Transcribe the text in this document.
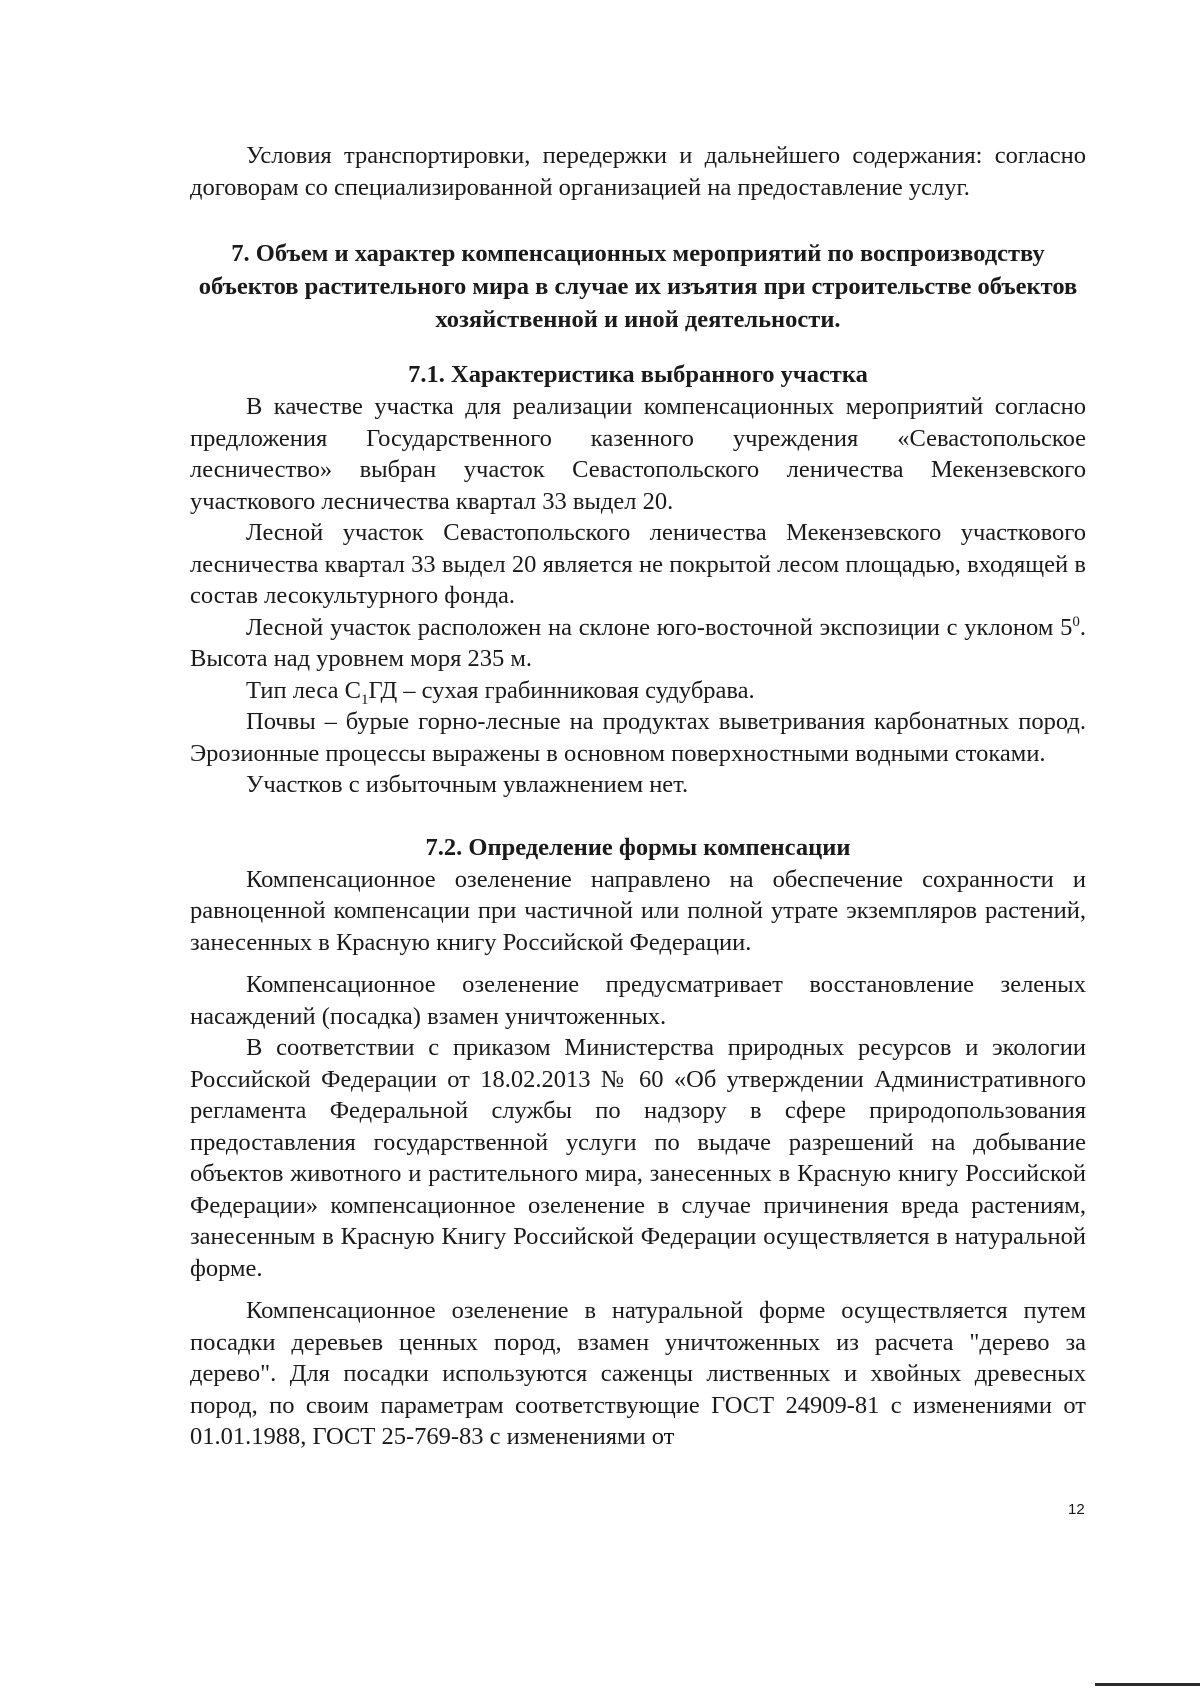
Условия транспортировки, передержки и дальнейшего содержания: согласно договорам со специализированной организацией на предоставление услуг.

7. Объем и характер компенсационных мероприятий по воспроизводству объектов растительного мира в случае их изъятия при строительстве объектов хозяйственной и иной деятельности.
7.1. Характеристика выбранного участка

В качестве участка для реализации компенсационных мероприятий согласно предложения Государственного казенного учреждения «Севастопольское лесничество» выбран участок Севастопольского леничества Мекензевского участкового лесничества квартал 33 выдел 20.

Лесной участок Севастопольского леничества Мекензевского участкового лесничества квартал 33 выдел 20 является не покрытой лесом площадью, входящей в состав лесокультурного фонда.

Лесной участок расположен на склоне юго-восточной экспозиции с уклоном $5^0$. Высота над уровнем моря 235 м.

Тип леса $С_1ГД$ – сухая грабинниковая судубрава.

Почвы – бурые горно-лесные на продуктах выветривания карбонатных пород. Эрозионные процессы выражены в основном поверхностными водными стоками.

Участков с избыточным увлажнением нет.

7.2. Определение формы компенсации

Компенсационное озеленение направлено на обеспечение сохранности и равноценной компенсации при частичной или полной утрате экземпляров растений, занесенных в Красную книгу Российской Федерации.

Компенсационное озеленение предусматривает восстановление зеленых насаждений (посадка) взамен уничтоженных.

В соответствии с приказом Министерства природных ресурсов и экологии Российской Федерации от 18.02.2013 № 60 «Об утверждении Административного регламента Федеральной службы по надзору в сфере природопользования предоставления государственной услуги по выдаче разрешений на добывание объектов животного и растительного мира, занесенных в Красную книгу Российской Федерации» компенсационное озеленение в случае причинения вреда растениям, занесенным в Красную Книгу Российской Федерации осуществляется в натуральной форме.

Компенсационное озеленение в натуральной форме осуществляется путем посадки деревьев ценных пород, взамен уничтоженных из расчета "дерево за дерево". Для посадки используются саженцы лиственных и хвойных древесных пород, по своим параметрам соответствующие ГОСТ 24909-81 с изменениями от 01.01.1988, ГОСТ 25-769-83 с изменениями от

12
